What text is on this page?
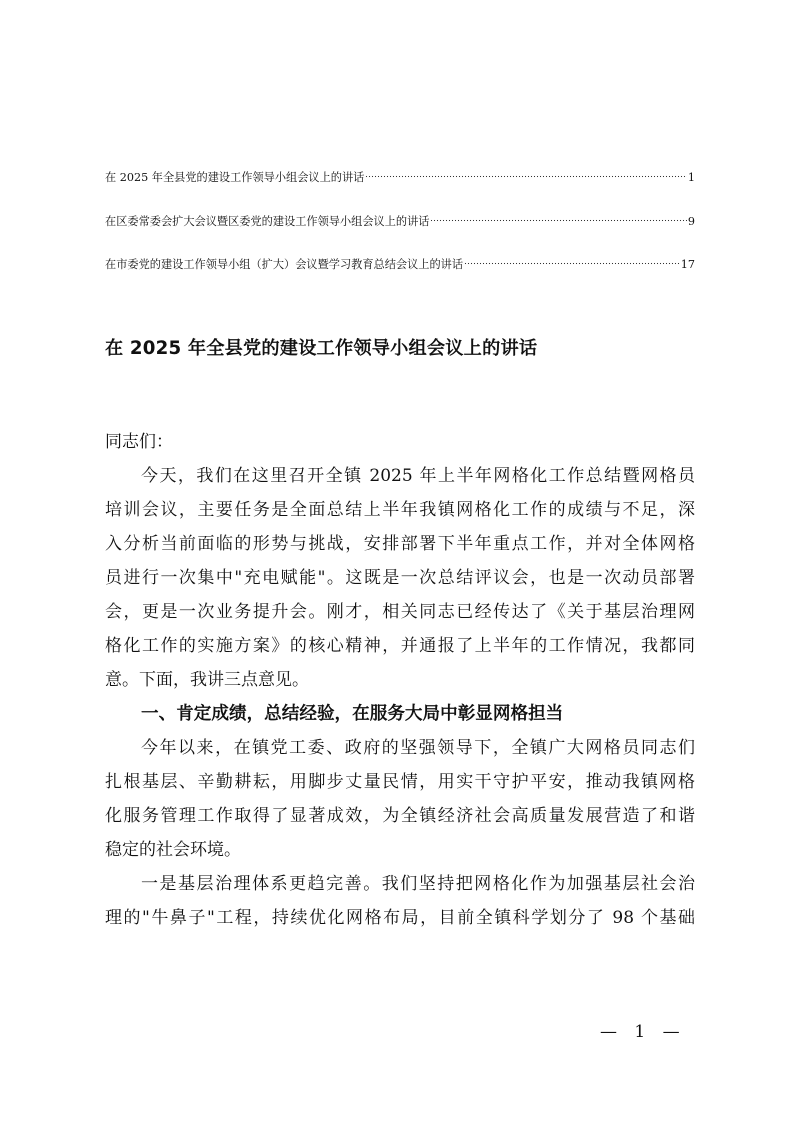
在 2025 年全县党的建设工作领导小组会议上的讲话	1
在区委常委会扩大会议暨区委党的建设工作领导小组会议上的讲话	9
在市委党的建设工作领导小组（扩大）会议暨学习教育总结会议上的讲话	17
在 2025 年全县党的建设工作领导小组会议上的讲话
同志们：
今天，我们在这里召开全镇 2025 年上半年网格化工作总结暨网格员
培训会议，主要任务是全面总结上半年我镇网格化工作的成绩与不足，深
入分析当前面临的形势与挑战，安排部署下半年重点工作，并对全体网格
员进行一次集中"充电赋能"。这既是一次总结评议会，也是一次动员部署
会，更是一次业务提升会。刚才，相关同志已经传达了《关于基层治理网
格化工作的实施方案》的核心精神，并通报了上半年的工作情况，我都同
意。下面，我讲三点意见。
一、肯定成绩，总结经验，在服务大局中彰显网格担当
今年以来，在镇党工委、政府的坚强领导下，全镇广大网格员同志们
扎根基层、辛勤耕耘，用脚步丈量民情，用实干守护平安，推动我镇网格
化服务管理工作取得了显著成效，为全镇经济社会高质量发展营造了和谐
稳定的社会环境。
一是基层治理体系更趋完善。我们坚持把网格化作为加强基层社会治
理的"牛鼻子"工程，持续优化网格布局，目前全镇科学划分了 98 个基础
— 1 —
